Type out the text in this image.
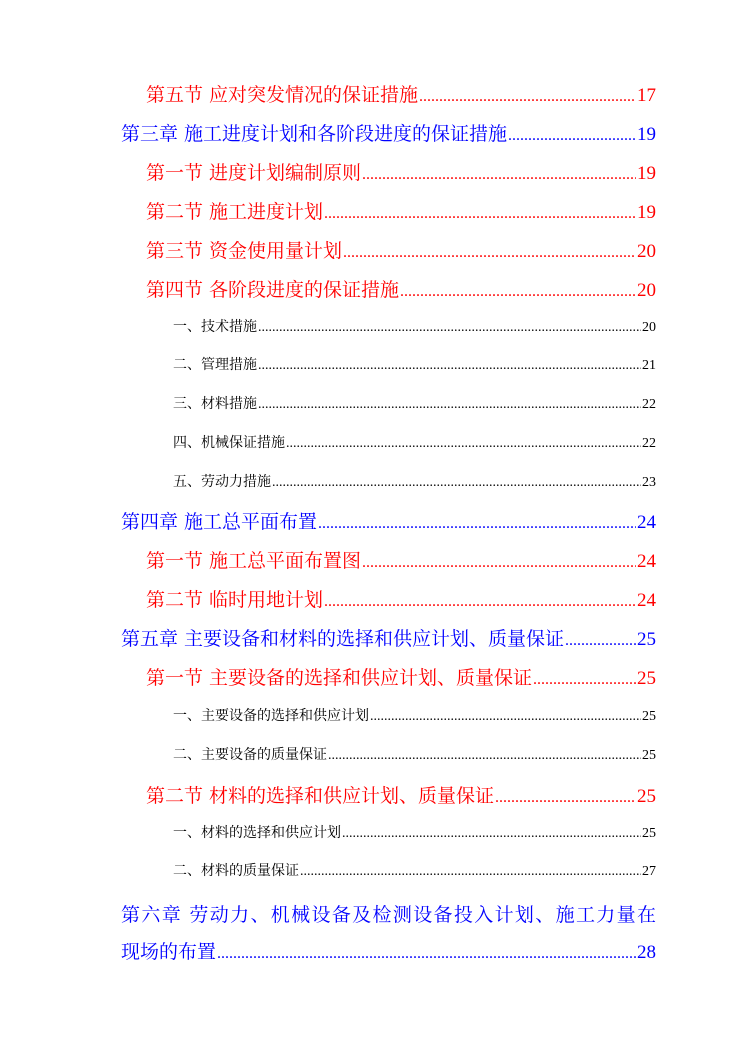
第五节 应对突发情况的保证措施 .....	17
第三章 施工进度计划和各阶段进度的保证措施 .....	19
第一节 进度计划编制原则 .....	19
第二节 施工进度计划 .....	19
第三节 资金使用量计划 .....	20
第四节 各阶段进度的保证措施 .....	20
一、技术措施 .....	20
二、管理措施 .....	21
三、材料措施 .....	22
四、机械保证措施 .....	22
五、劳动力措施 .....	23
第四章 施工总平面布置 .....	24
第一节 施工总平面布置图 .....	24
第二节 临时用地计划 .....	24
第五章 主要设备和材料的选择和供应计划、质量保证 .....	25
第一节 主要设备的选择和供应计划、质量保证 .....	25
一、主要设备的选择和供应计划 .....	25
二、主要设备的质量保证 .....	25
第二节 材料的选择和供应计划、质量保证 .....	25
一、材料的选择和供应计划 .....	25
二、材料的质量保证 .....	27
第六章 劳动力、机械设备及检测设备投入计划、施工力量在
现场的布置 .....	28
